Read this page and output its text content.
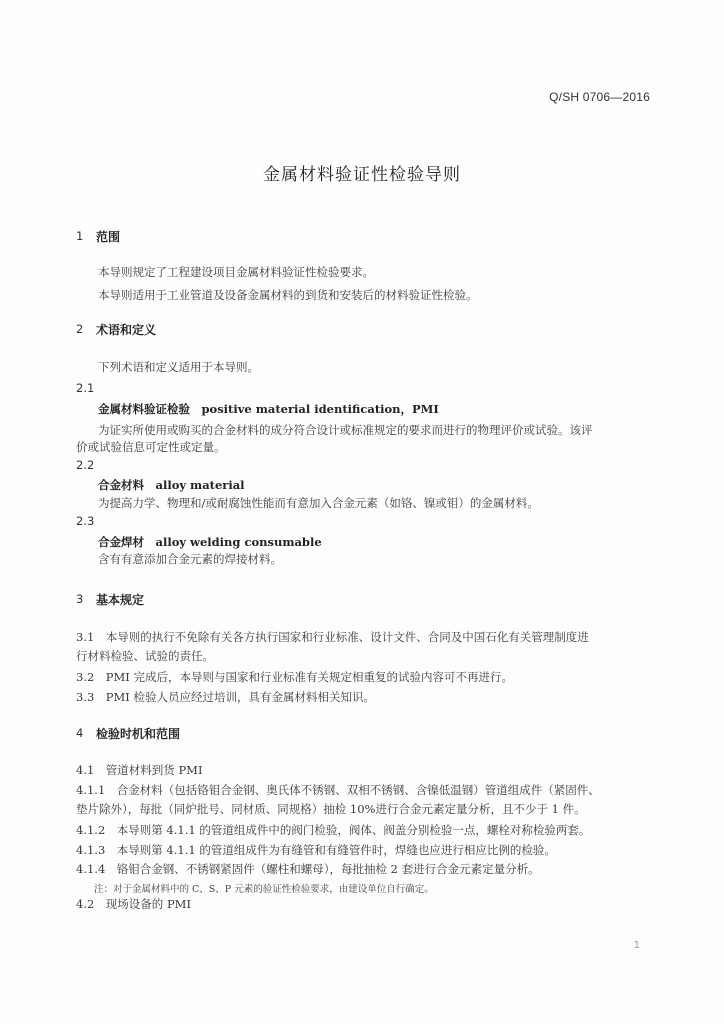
Q/SH 0706—2016
金属材料验证性检验导则
1 范围
本导则规定了工程建设项目金属材料验证性检验要求。
本导则适用于工业管道及设备金属材料的到货和安装后的材料验证性检验。
2 术语和定义
下列术语和定义适用于本导则。
2.1
金属材料验证检验　positive material identification，PMI
为证实所使用或购买的合金材料的成分符合设计或标准规定的要求而进行的物理评价或试验。该评
价或试验信息可定性或定量。
2.2
合金材料　alloy material
为提高力学、物理和/或耐腐蚀性能而有意加入合金元素（如铬、镍或钼）的金属材料。
2.3
合金焊材　alloy welding consumable
含有有意添加合金元素的焊接材料。
3 基本规定
3.1　本导则的执行不免除有关各方执行国家和行业标准、设计文件、合同及中国石化有关管理制度进
行材料检验、试验的责任。
3.2　PMI 完成后，本导则与国家和行业标准有关规定相重复的试验内容可不再进行。
3.3　PMI 检验人员应经过培训，具有金属材料相关知识。
4 检验时机和范围
4.1　管道材料到货 PMI
4.1.1　合金材料（包括铬钼合金钢、奥氏体不锈钢、双相不锈钢、含镍低温钢）管道组成件（紧固件、
垫片除外），每批（同炉批号、同材质、同规格）抽检 10%进行合金元素定量分析，且不少于 1 件。
4.1.2　本导则第 4.1.1 的管道组成件中的阀门检验，阀体、阀盖分别检验一点，螺栓对称检验两套。
4.1.3　本导则第 4.1.1 的管道组成件为有缝管和有缝管件时，焊缝也应进行相应比例的检验。
4.1.4　铬钼合金钢、不锈钢紧固件（螺柱和螺母），每批抽检 2 套进行合金元素定量分析。
注：对于金属材料中的 C、S、P 元素的验证性检验要求，由建设单位自行确定。
4.2　现场设备的 PMI
1
